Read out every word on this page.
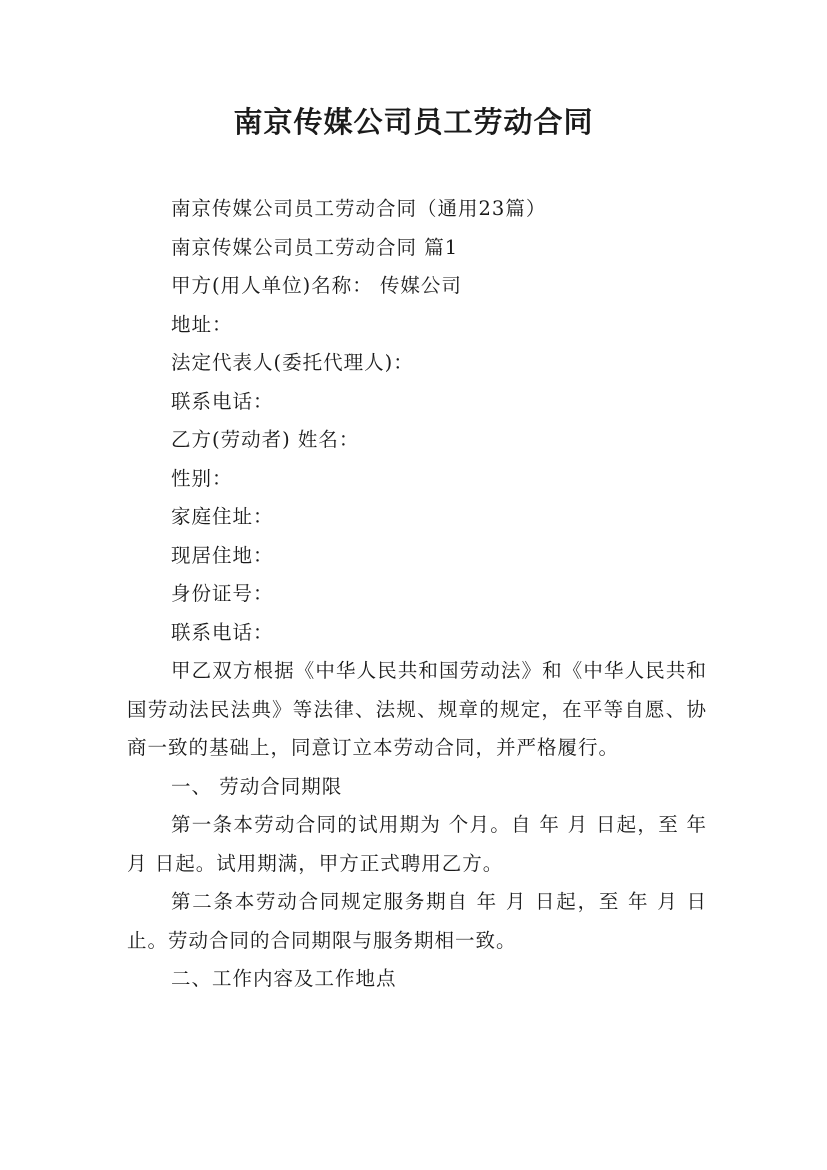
南京传媒公司员工劳动合同

南京传媒公司员工劳动合同（通用23篇）

南京传媒公司员工劳动合同 篇1

甲方(用人单位)名称： 传媒公司

地址：

法定代表人(委托代理人)：

联系电话：

乙方(劳动者) 姓名：

性别：

家庭住址：

现居住地：

身份证号：

联系电话：

甲乙双方根据《中华人民共和国劳动法》和《中华人民共和国劳动法民法典》等法律、法规、规章的规定，在平等自愿、协商一致的基础上，同意订立本劳动合同，并严格履行。

一、 劳动合同期限

第一条本劳动合同的试用期为 个月。自 年 月 日起，至 年 月 日起。试用期满，甲方正式聘用乙方。

第二条本劳动合同规定服务期自 年 月 日起，至 年 月 日止。劳动合同的合同期限与服务期相一致。

二、工作内容及工作地点
